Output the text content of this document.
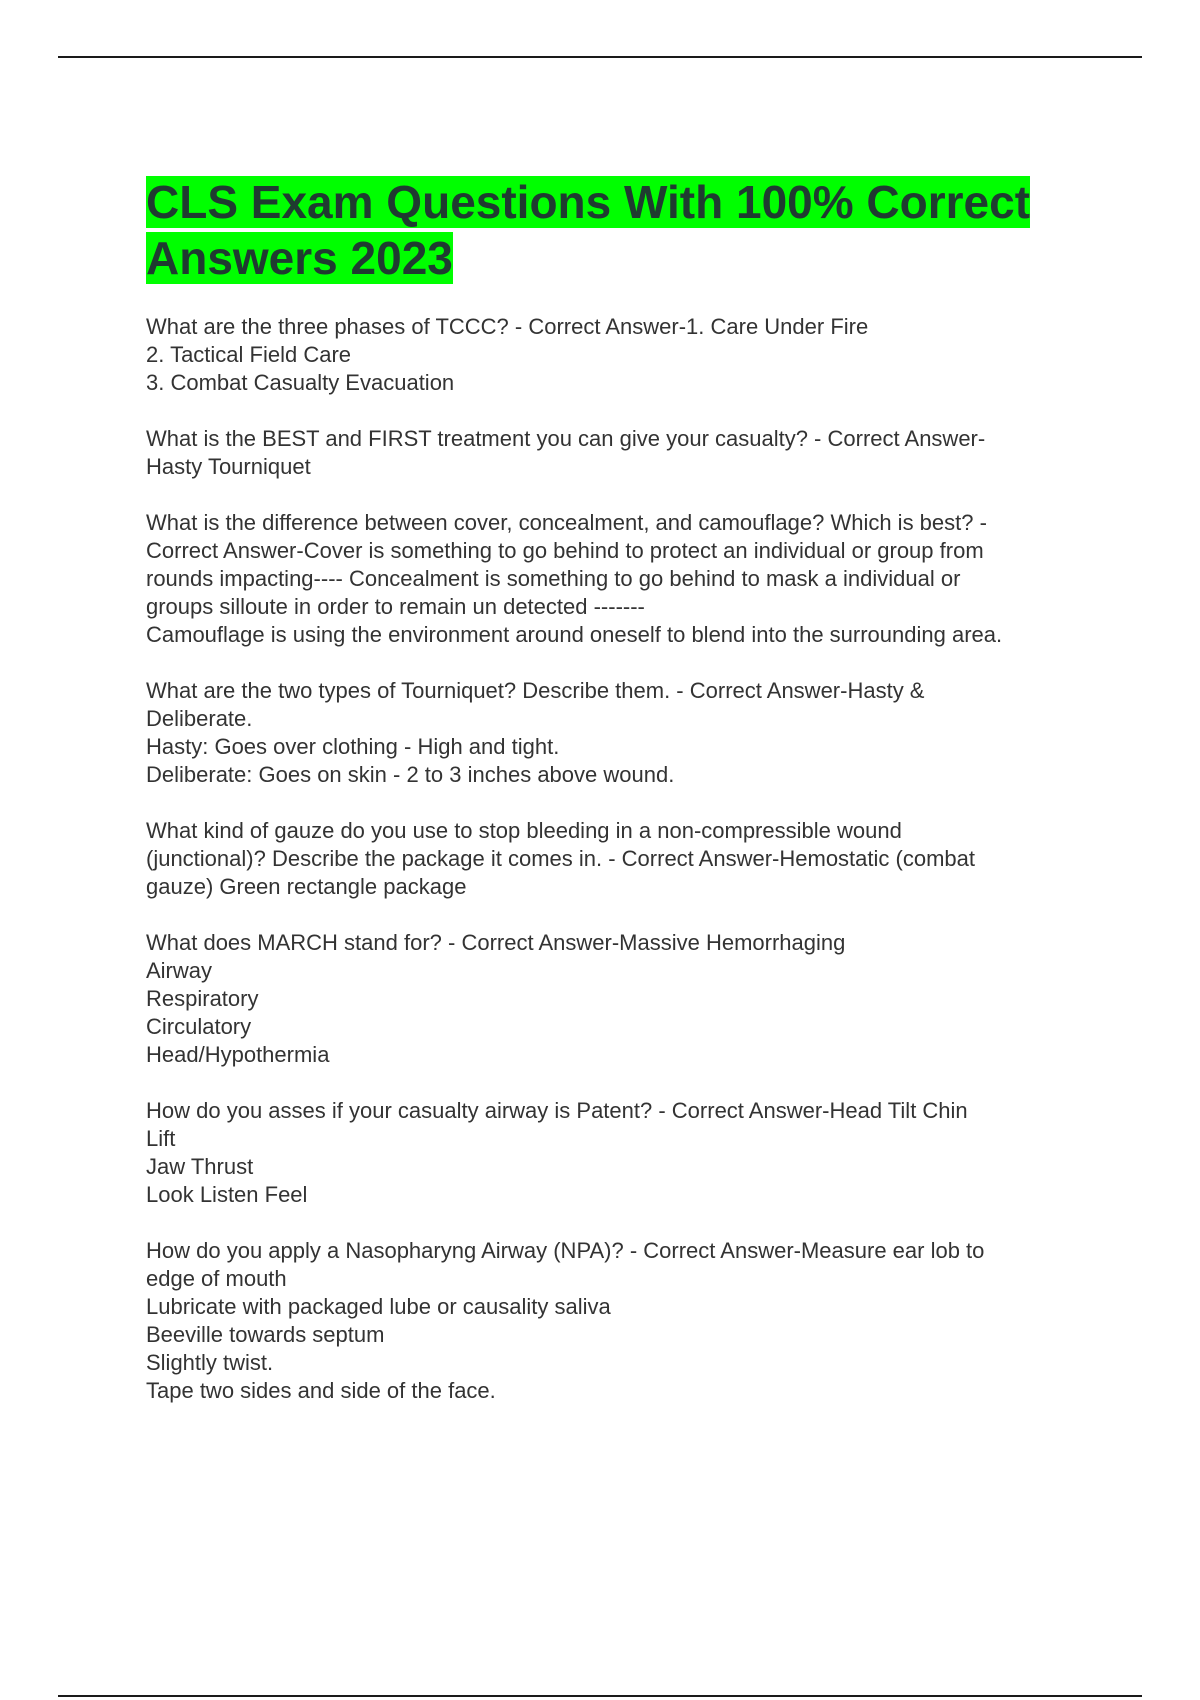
CLS Exam Questions With 100% Correct
Answers 2023
What are the three phases of TCCC? - Correct Answer-1. Care Under Fire
2. Tactical Field Care
3. Combat Casualty Evacuation
What is the BEST and FIRST treatment you can give your casualty? - Correct Answer-
Hasty Tourniquet
What is the difference between cover, concealment, and camouflage? Which is best? -
Correct Answer-Cover is something to go behind to protect an individual or group from
rounds impacting---- Concealment is something to go behind to mask a individual or
groups silloute in order to remain un detected -------
Camouflage is using the environment around oneself to blend into the surrounding area.
What are the two types of Tourniquet? Describe them. - Correct Answer-Hasty &
Deliberate.
Hasty: Goes over clothing - High and tight.
Deliberate: Goes on skin - 2 to 3 inches above wound.
What kind of gauze do you use to stop bleeding in a non-compressible wound
(junctional)? Describe the package it comes in. - Correct Answer-Hemostatic (combat
gauze) Green rectangle package
What does MARCH stand for? - Correct Answer-Massive Hemorrhaging
Airway
Respiratory
Circulatory
Head/Hypothermia
How do you asses if your casualty airway is Patent? - Correct Answer-Head Tilt Chin
Lift
Jaw Thrust
Look Listen Feel
How do you apply a Nasopharyng Airway (NPA)? - Correct Answer-Measure ear lob to
edge of mouth
Lubricate with packaged lube or causality saliva
Beeville towards septum
Slightly twist.
Tape two sides and side of the face.
